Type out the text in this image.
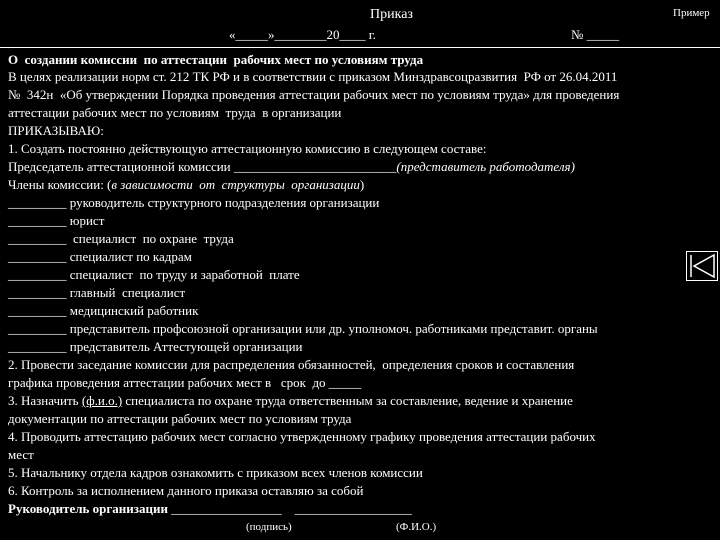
Приказ	Пример
«_____»________20____ г.	№ _____
О  создании комиссии  по аттестации  рабочих мест по условиям труда
В целях реализации норм ст. 212 ТК РФ и в соответствии с приказом Минздравсоцразвития  РФ от 26.04.2011
№  342н  «Об утверждении Порядка проведения аттестации рабочих мест по условиям труда» для проведения
аттестации рабочих мест по условиям  труда  в организации
ПРИКАЗЫВАЮ:
1. Создать постоянно действующую аттестационную комиссию в следующем составе:
Председатель аттестационной комиссии _________________________(представитель работодателя)
Члены комиссии: (в зависимости  от  структуры  организации)
_________ руководитель структурного подразделения организации
_________ юрист
_________  специалист  по охране  труда
_________ специалист по кадрам
_________ специалист  по труду и заработной  плате
_________ главный  специалист
_________ медицинский работник
_________ представитель профсоюзной организации или др. уполномоч. работниками представит. органы
_________ представитель Аттестующей организации
2. Провести заседание комиссии для распределения обязанностей,  определения сроков и составления
графика проведения аттестации рабочих мест в   срок  до _____
3. Назначить (ф.и.о.) специалиста по охране труда ответственным за составление, ведение и хранение
документации по аттестации рабочих мест по условиям труда
4. Проводить аттестацию рабочих мест согласно утвержденному графику проведения аттестации рабочих
мест
5. Начальнику отдела кадров ознакомить с приказом всех членов комиссии
6. Контроль за исполнением данного приказа оставляю за собой
Руководитель организации _________________    __________________
(подпись)	(Ф.И.О.)
